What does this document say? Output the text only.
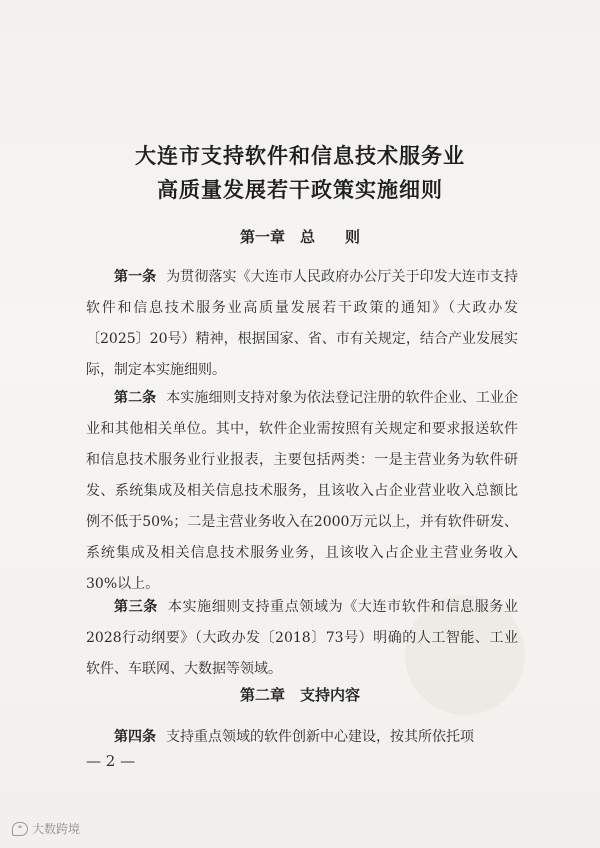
大连市支持软件和信息技术服务业
高质量发展若干政策实施细则
第一章　总　　则
第一条 为贯彻落实《大连市人民政府办公厅关于印发大连市支持软件和信息技术服务业高质量发展若干政策的通知》（大政办发〔2025〕20号）精神，根据国家、省、市有关规定，结合产业发展实际，制定本实施细则。
第二条 本实施细则支持对象为依法登记注册的软件企业、工业企业和其他相关单位。其中，软件企业需按照有关规定和要求报送软件和信息技术服务业行业报表，主要包括两类：一是主营业务为软件研发、系统集成及相关信息技术服务，且该收入占企业营业收入总额比例不低于50%；二是主营业务收入在2000万元以上，并有软件研发、系统集成及相关信息技术服务业务，且该收入占企业主营业务收入30%以上。
第三条 本实施细则支持重点领域为《大连市软件和信息服务业2028行动纲要》（大政办发〔2018〕73号）明确的人工智能、工业软件、车联网、大数据等领域。
第二章　支持内容
第四条 支持重点领域的软件创新中心建设，按其所依托项
— 2 —
❝ 大数跨境
